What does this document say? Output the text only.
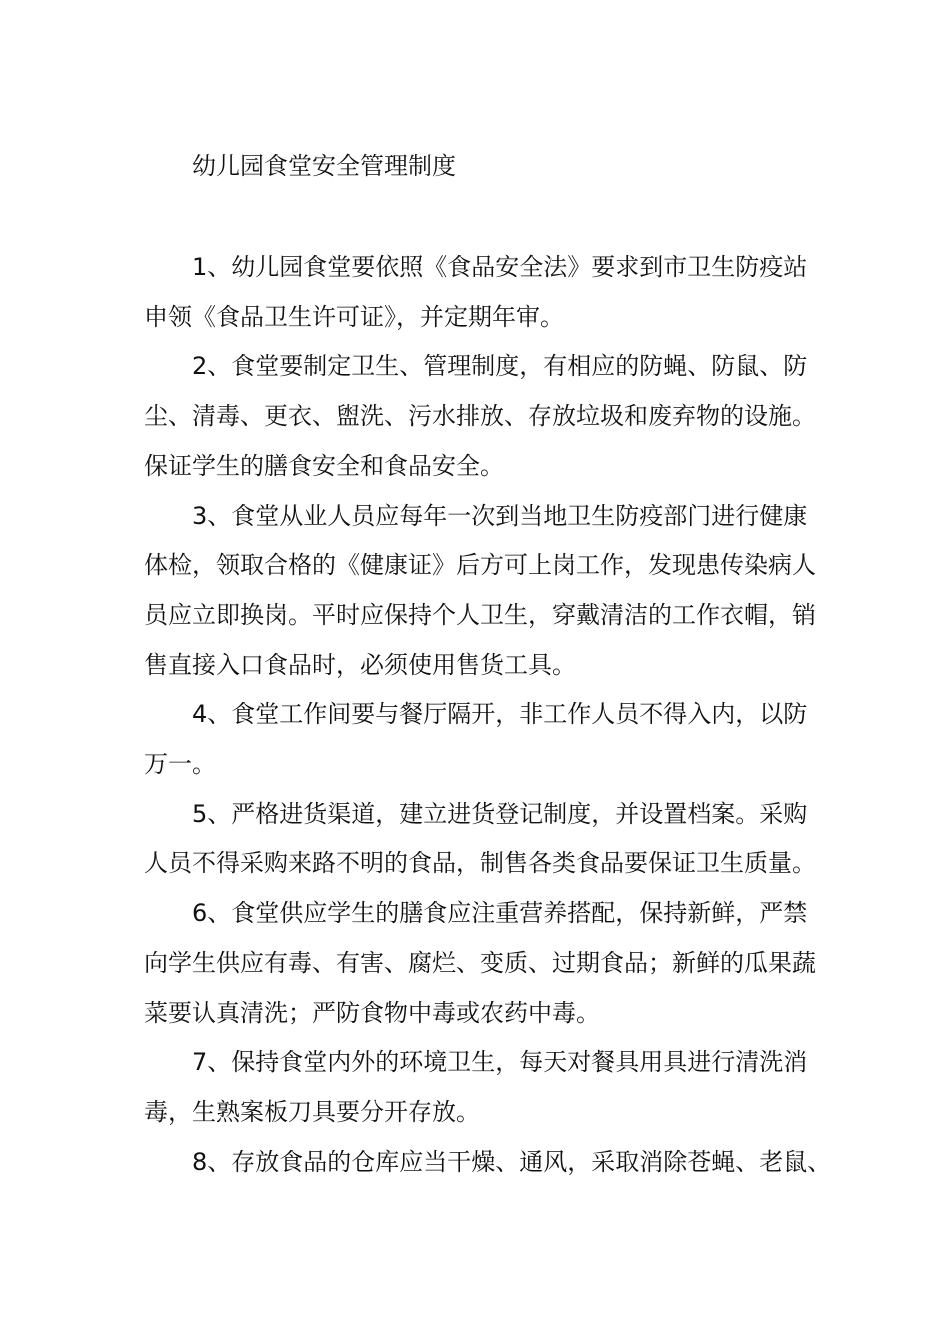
幼儿园食堂安全管理制度

1、幼儿园食堂要依照《食品安全法》要求到市卫生防疫站
申领《食品卫生许可证》，并定期年审。

2、食堂要制定卫生、管理制度，有相应的防蝇、防鼠、防
尘、清毒、更衣、盥洗、污水排放、存放垃圾和废弃物的设施。
保证学生的膳食安全和食品安全。

3、食堂从业人员应每年一次到当地卫生防疫部门进行健康
体检，领取合格的《健康证》后方可上岗工作，发现患传染病人
员应立即换岗。平时应保持个人卫生，穿戴清洁的工作衣帽，销
售直接入口食品时，必须使用售货工具。

4、食堂工作间要与餐厅隔开，非工作人员不得入内，以防
万一。

5、严格进货渠道，建立进货登记制度，并设置档案。采购
人员不得采购来路不明的食品，制售各类食品要保证卫生质量。

6、食堂供应学生的膳食应注重营养搭配，保持新鲜，严禁
向学生供应有毒、有害、腐烂、变质、过期食品；新鲜的瓜果蔬
菜要认真清洗；严防食物中毒或农药中毒。

7、保持食堂内外的环境卫生，每天对餐具用具进行清洗消
毒，生熟案板刀具要分开存放。

8、存放食品的仓库应当干燥、通风，采取消除苍蝇、老鼠、
